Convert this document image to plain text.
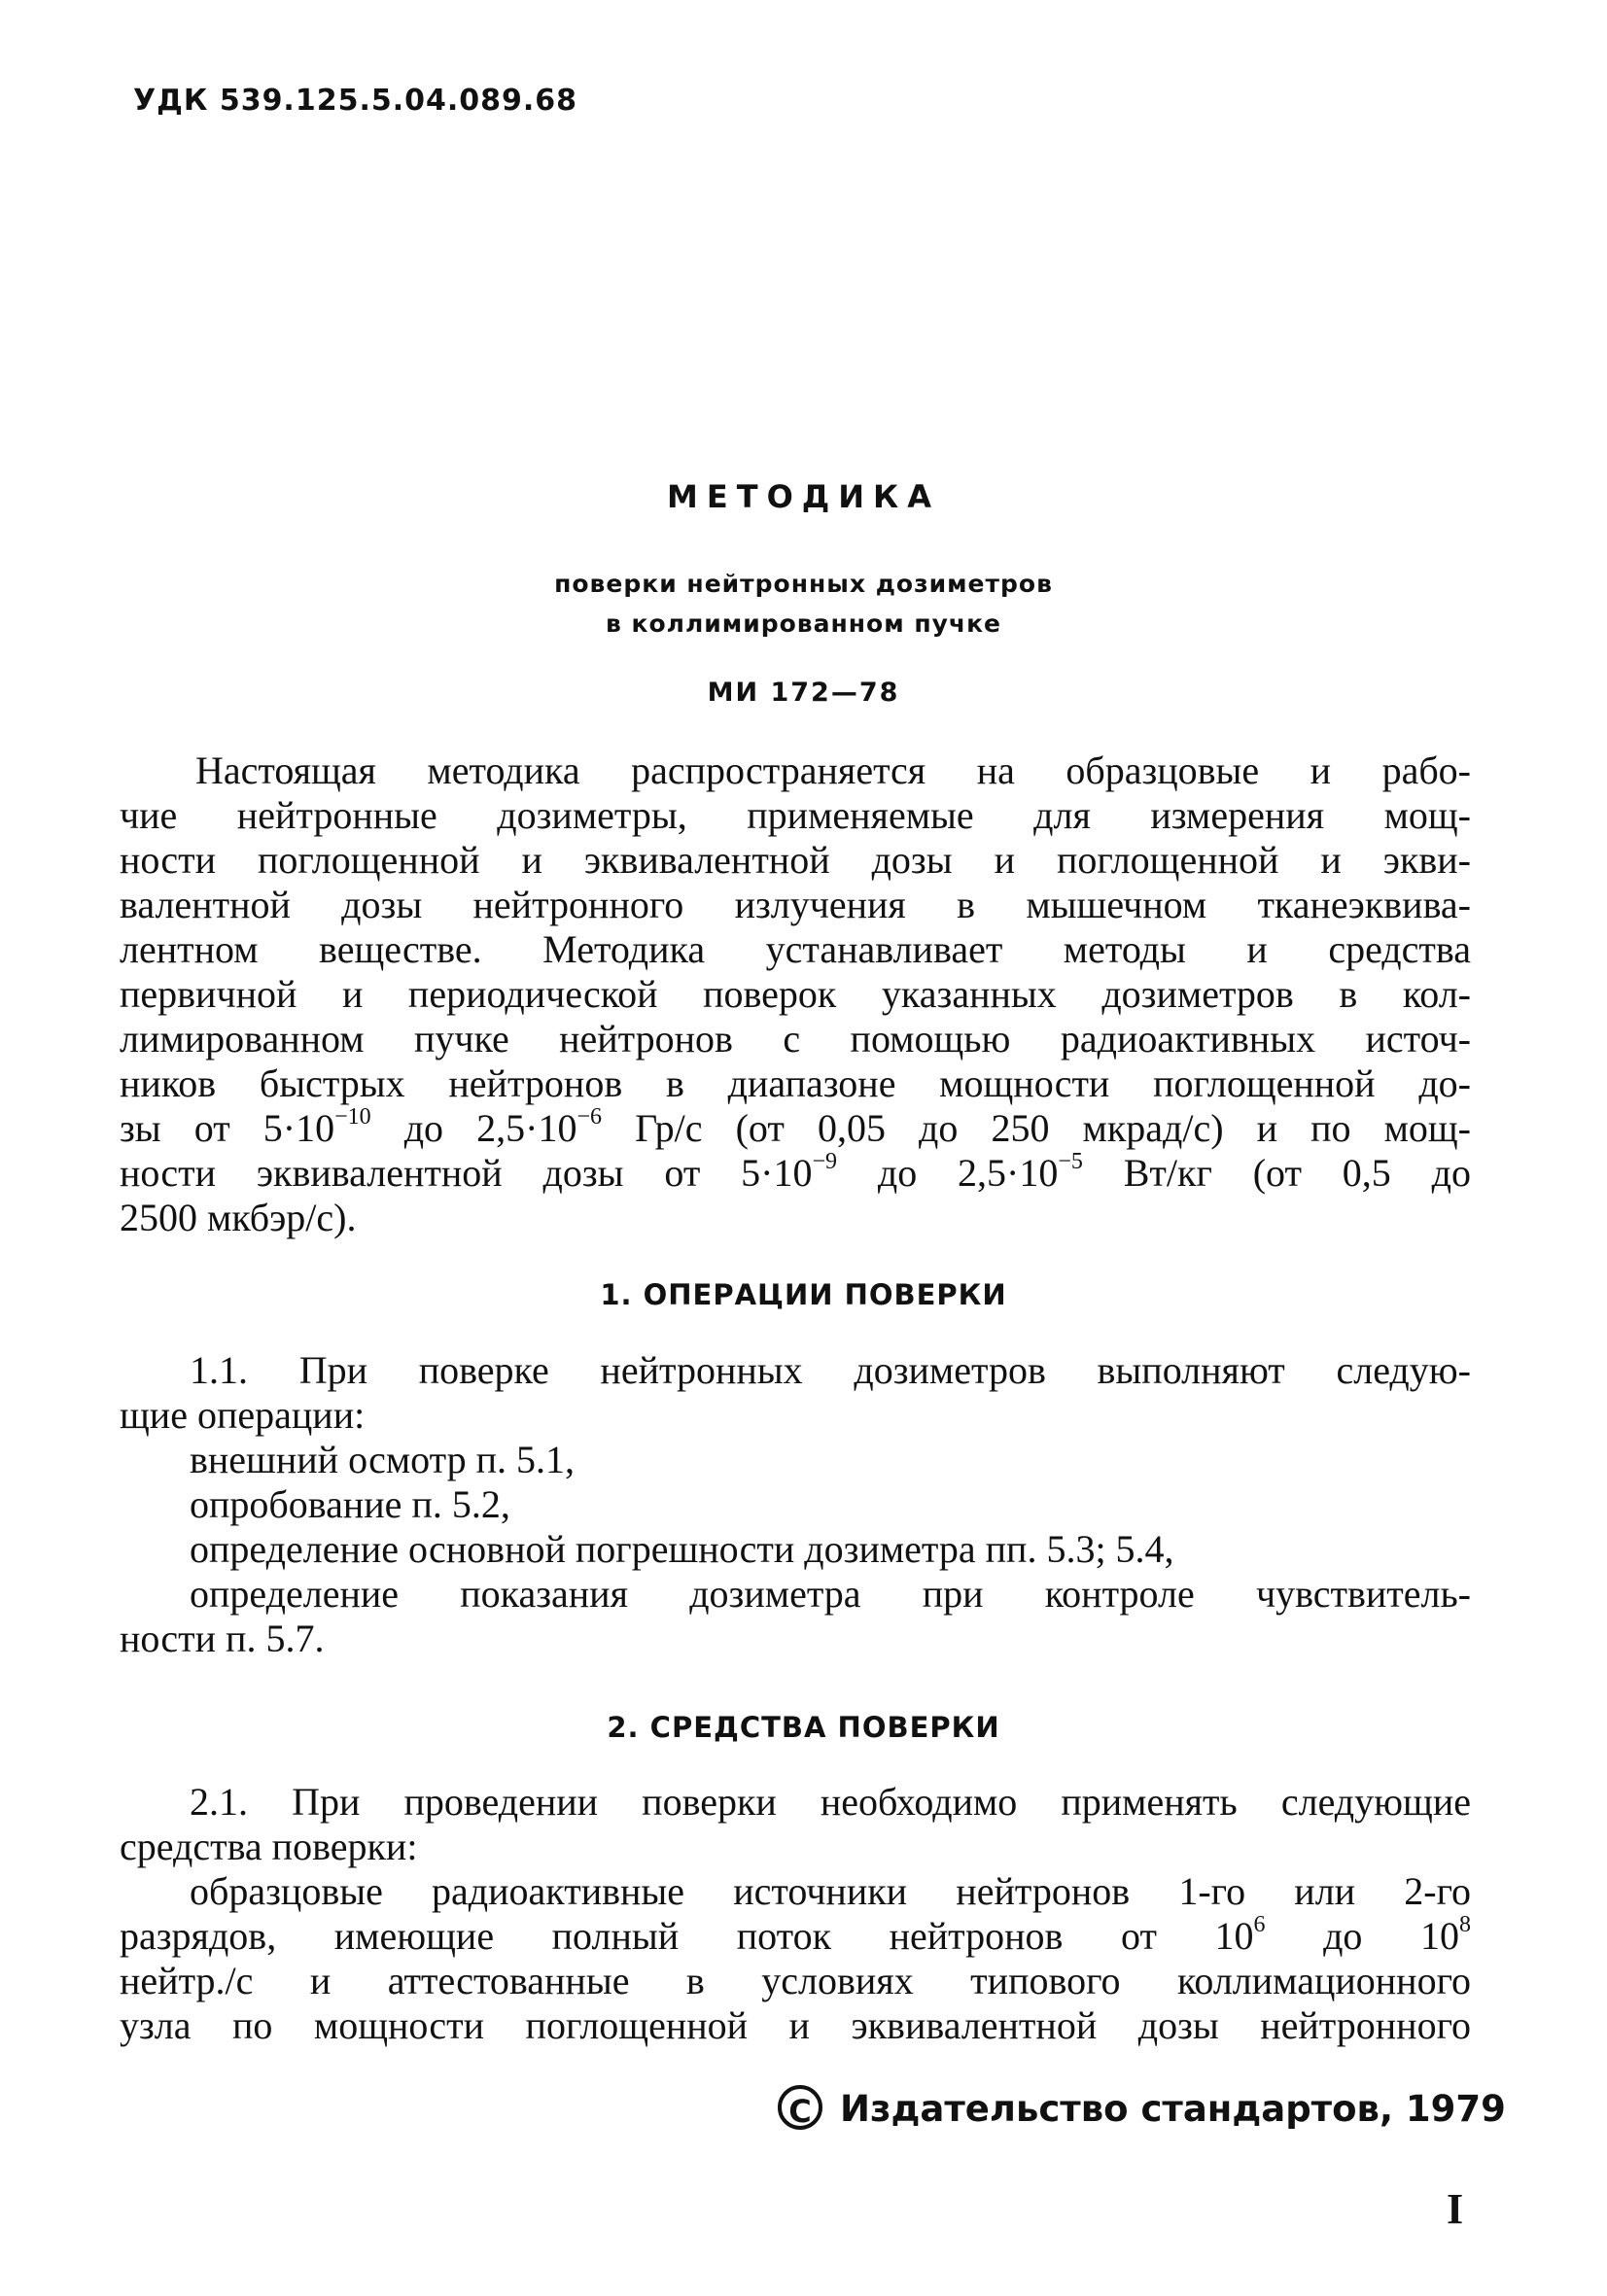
УДК 539.125.5.04.089.68
МЕТОДИКА
поверки нейтронных дозиметров
в коллимированном пучке
МИ 172—78
Настоящая методика распространяется на образцовые и рабо-
чие нейтронные дозиметры, применяемые для измерения мощ-
ности поглощенной и эквивалентной дозы и поглощенной и экви-
валентной дозы нейтронного излучения в мышечном тканеэквива-
лентном веществе. Методика устанавливает методы и средства
первичной и периодической поверок указанных дозиметров в кол-
лимированном пучке нейтронов с помощью радиоактивных источ-
ников быстрых нейтронов в диапазоне мощности поглощенной до-
зы от $5\cdot 10^{-10}$ до $2,5\cdot 10^{-6}$ Гр/с (от 0,05 до 250 мкрад/с) и по мощ-
ности эквивалентной дозы от $5\cdot 10^{-9}$ до $2,5\cdot 10^{-5}$ Вт/кг (от 0,5 до
2500 мкбэр/с).
1. ОПЕРАЦИИ ПОВЕРКИ
1.1. При поверке нейтронных дозиметров выполняют следую-
щие операции:
внешний осмотр п. 5.1,
опробование п. 5.2,
определение основной погрешности дозиметра пп. 5.3; 5.4,
определение показания дозиметра при контроле чувствитель-
ности п. 5.7.
2. СРЕДСТВА ПОВЕРКИ
2.1. При проведении поверки необходимо применять следующие
средства поверки:
образцовые радиоактивные источники нейтронов 1-го или 2-го
разрядов, имеющие полный поток нейтронов от $10^6$ до $10^8$
нейтр./с и аттестованные в условиях типового коллимационного
узла по мощности поглощенной и эквивалентной дозы нейтронного
C Издательство стандартов, 1979
I
